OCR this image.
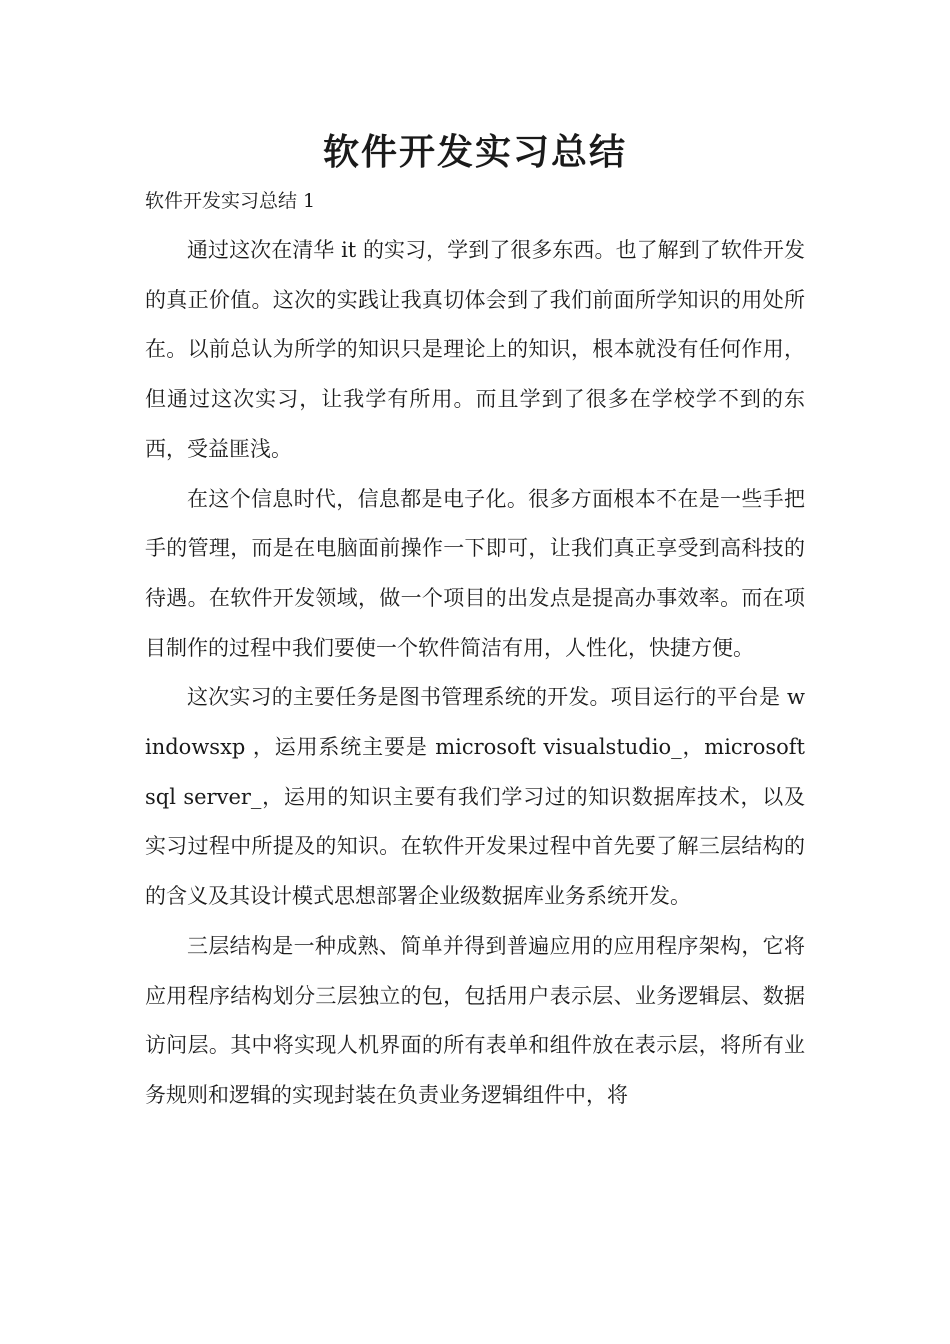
软件开发实习总结

软件开发实习总结 1

通过这次在清华 it 的实习，学到了很多东西。也了解到了软件开发的真正价值。这次的实践让我真切体会到了我们前面所学知识的用处所在。以前总认为所学的知识只是理论上的知识，根本就没有任何作用，但通过这次实习，让我学有所用。而且学到了很多在学校学不到的东西，受益匪浅。

在这个信息时代，信息都是电子化。很多方面根本不在是一些手把手的管理，而是在电脑面前操作一下即可，让我们真正享受到高科技的待遇。在软件开发领域，做一个项目的出发点是提高办事效率。而在项目制作的过程中我们要使一个软件简洁有用，人性化，快捷方便。

这次实习的主要任务是图书管理系统的开发。项目运行的平台是 windowsxp ，运用系统主要是 microsoft visualstudio_，microsoft sql server_，运用的知识主要有我们学习过的知识数据库技术，以及实习过程中所提及的知识。在软件开发果过程中首先要了解三层结构的的含义及其设计模式思想部署企业级数据库业务系统开发。

三层结构是一种成熟、简单并得到普遍应用的应用程序架构，它将应用程序结构划分三层独立的包，包括用户表示层、业务逻辑层、数据访问层。其中将实现人机界面的所有表单和组件放在表示层，将所有业务规则和逻辑的实现封装在负责业务逻辑组件中，将
